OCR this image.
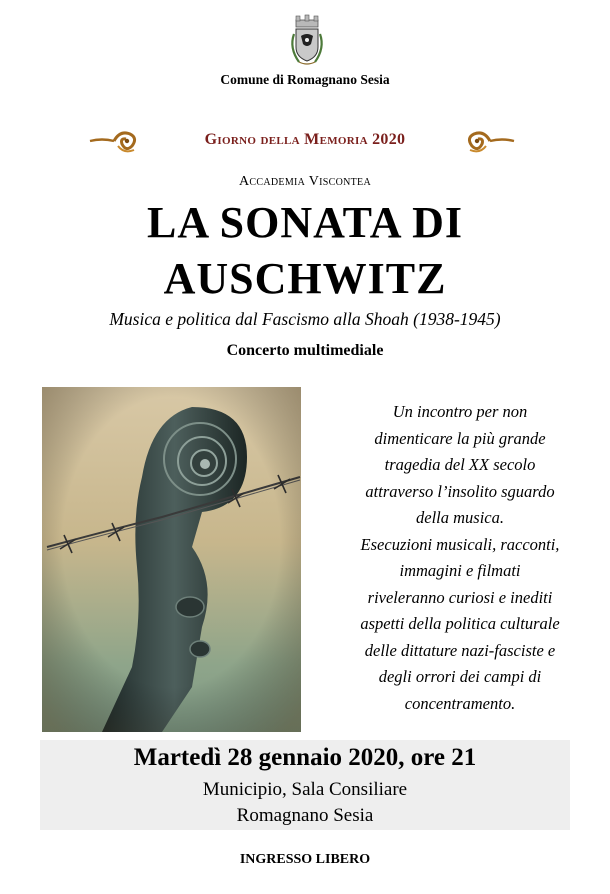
Comune di Romagnano Sesia
Giorno della Memoria 2020
Accademia Viscontea
LA SONATA DI
AUSCHWITZ
Musica e politica dal Fascismo alla Shoah (1938-1945)
Concerto multimediale
Un incontro per non
dimenticare la più grande
tragedia del XX secolo
attraverso l’insolito sguardo
della musica.
Esecuzioni musicali, racconti,
immagini e filmati
riveleranno curiosi e inediti
aspetti della politica culturale
delle dittature nazi-fasciste e
degli orrori dei campi di
concentramento.
Martedì 28 gennaio 2020, ore 21
Municipio, Sala Consiliare
Romagnano Sesia
INGRESSO LIBERO
